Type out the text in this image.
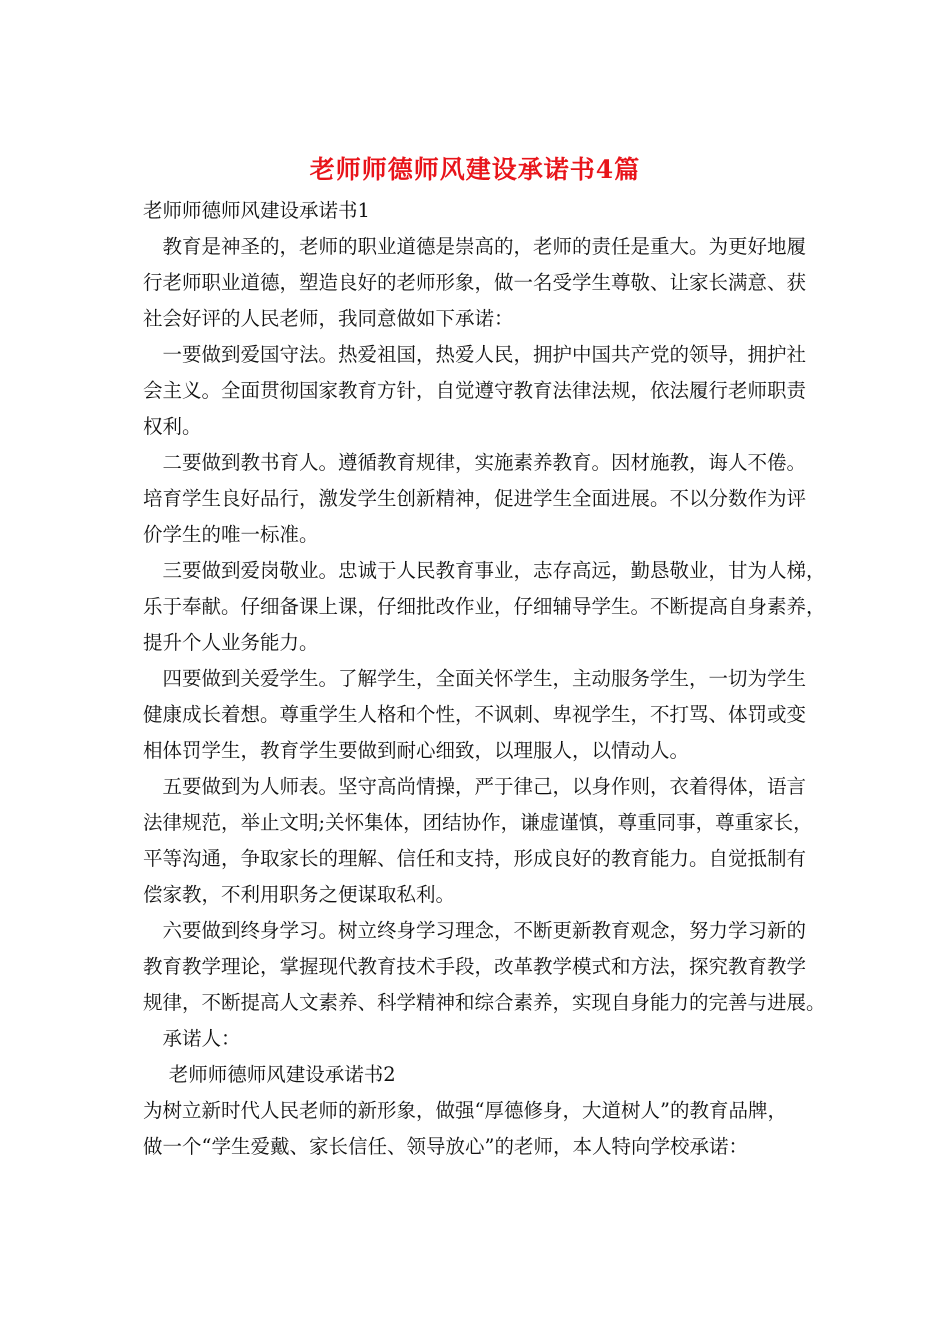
老师师德师风建设承诺书4篇
老师师德师风建设承诺书1
　教育是神圣的，老师的职业道德是崇高的，老师的责任是重大。为更好地履
行老师职业道德，塑造良好的老师形象，做一名受学生尊敬、让家长满意、获
社会好评的人民老师，我同意做如下承诺：
　一要做到爱国守法。热爱祖国，热爱人民，拥护中国共产党的领导，拥护社
会主义。全面贯彻国家教育方针，自觉遵守教育法律法规，依法履行老师职责
权利。
　二要做到教书育人。遵循教育规律，实施素养教育。因材施教，诲人不倦。
培育学生良好品行，激发学生创新精神，促进学生全面进展。不以分数作为评
价学生的唯一标准。
　三要做到爱岗敬业。忠诚于人民教育事业，志存高远，勤恳敬业，甘为人梯，
乐于奉献。仔细备课上课，仔细批改作业，仔细辅导学生。不断提高自身素养，
提升个人业务能力。
　四要做到关爱学生。了解学生，全面关怀学生，主动服务学生，一切为学生
健康成长着想。尊重学生人格和个性，不讽刺、卑视学生，不打骂、体罚或变
相体罚学生，教育学生要做到耐心细致，以理服人，以情动人。
　五要做到为人师表。坚守高尚情操，严于律己，以身作则，衣着得体，语言
法律规范，举止文明;关怀集体，团结协作，谦虚谨慎，尊重同事，尊重家长，
平等沟通，争取家长的理解、信任和支持，形成良好的教育能力。自觉抵制有
偿家教，不利用职务之便谋取私利。
　六要做到终身学习。树立终身学习理念，不断更新教育观念，努力学习新的
教育教学理论，掌握现代教育技术手段，改革教学模式和方法，探究教育教学
规律，不断提高人文素养、科学精神和综合素养，实现自身能力的完善与进展。
　承诺人：
　 老师师德师风建设承诺书2
为树立新时代人民老师的新形象，做强“厚德修身，大道树人”的教育品牌，
做一个“学生爱戴、家长信任、领导放心”的老师，本人特向学校承诺：
